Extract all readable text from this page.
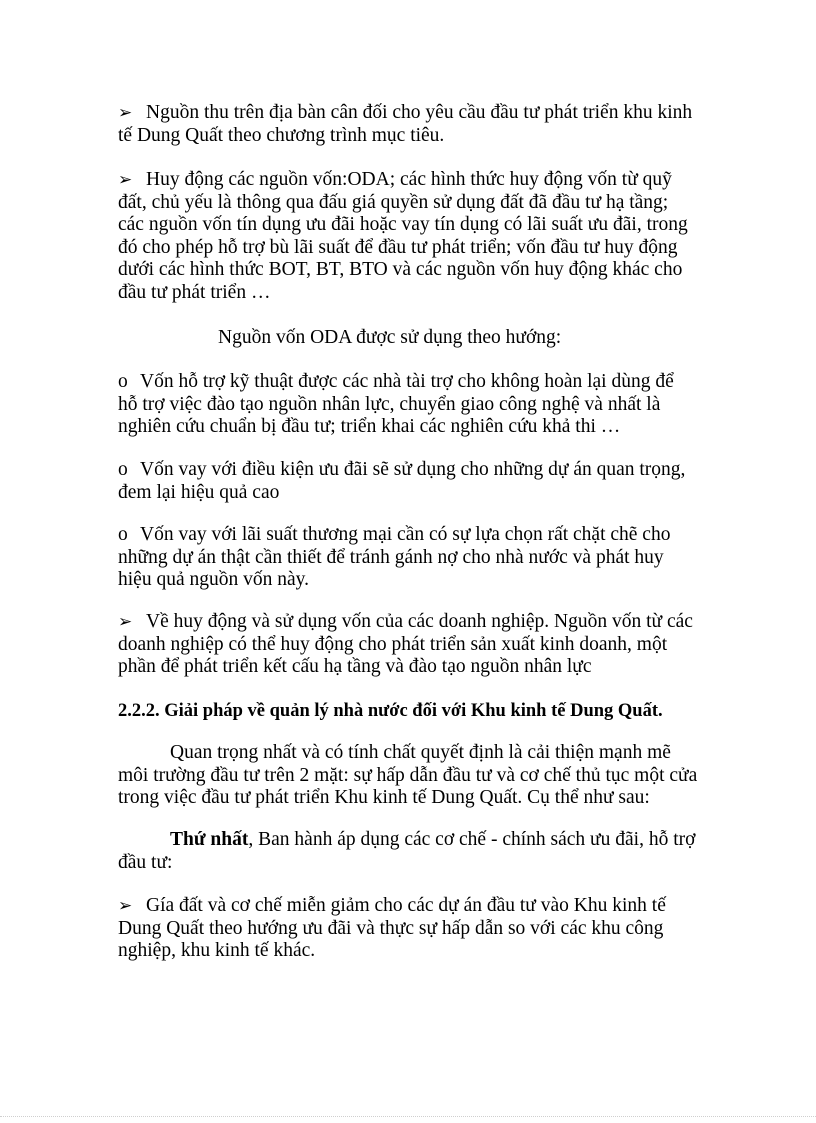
➢ Nguồn thu trên địa bàn cân đối cho yêu cầu đầu tư phát triển khu kinh tế Dung Quất theo chương trình mục tiêu.

➢ Huy động các nguồn vốn:ODA; các hình thức huy động vốn từ quỹ đất, chủ yếu là thông qua đấu giá quyền sử dụng đất đã đầu tư hạ tầng; các nguồn vốn tín dụng ưu đãi hoặc vay tín dụng có lãi suất ưu đãi, trong đó cho phép hỗ trợ bù lãi suất để đầu tư phát triển; vốn đầu tư huy động dưới các hình thức BOT, BT, BTO và các nguồn vốn huy động khác cho đầu tư phát triển …

Nguồn vốn ODA được sử dụng theo hướng:

o Vốn hỗ trợ kỹ thuật được các nhà tài trợ cho không hoàn lại dùng để hỗ trợ việc đào tạo nguồn nhân lực, chuyển giao công nghệ và nhất là nghiên cứu chuẩn bị đầu tư; triển khai các nghiên cứu khả thi …

o Vốn vay với điều kiện ưu đãi sẽ sử dụng cho những dự án quan trọng, đem lại hiệu quả cao

o Vốn vay với lãi suất thương mại cần có sự lựa chọn rất chặt chẽ cho những dự án thật cần thiết để tránh gánh nợ cho nhà nước và phát huy hiệu quả nguồn vốn này.

➢ Về huy động và sử dụng vốn của các doanh nghiệp. Nguồn vốn từ các doanh nghiệp có thể huy động cho phát triển sản xuất kinh doanh, một phần để phát triển kết cấu hạ tầng và đào tạo nguồn nhân lực

2.2.2. Giải pháp về quản lý nhà nước đối với Khu kinh tế Dung Quất.

Quan trọng nhất và có tính chất quyết định là cải thiện mạnh mẽ môi trường đầu tư trên 2 mặt: sự hấp dẫn đầu tư và cơ chế thủ tục một cửa trong việc đầu tư phát triển Khu kinh tế Dung Quất. Cụ thể như sau:

Thứ nhất, Ban hành áp dụng các cơ chế - chính sách ưu đãi, hỗ trợ đầu tư:

➢ Gía đất và cơ chế miễn giảm cho các dự án đầu tư vào Khu kinh tế Dung Quất theo hướng ưu đãi và thực sự hấp dẫn so với các khu công nghiệp, khu kinh tế khác.
